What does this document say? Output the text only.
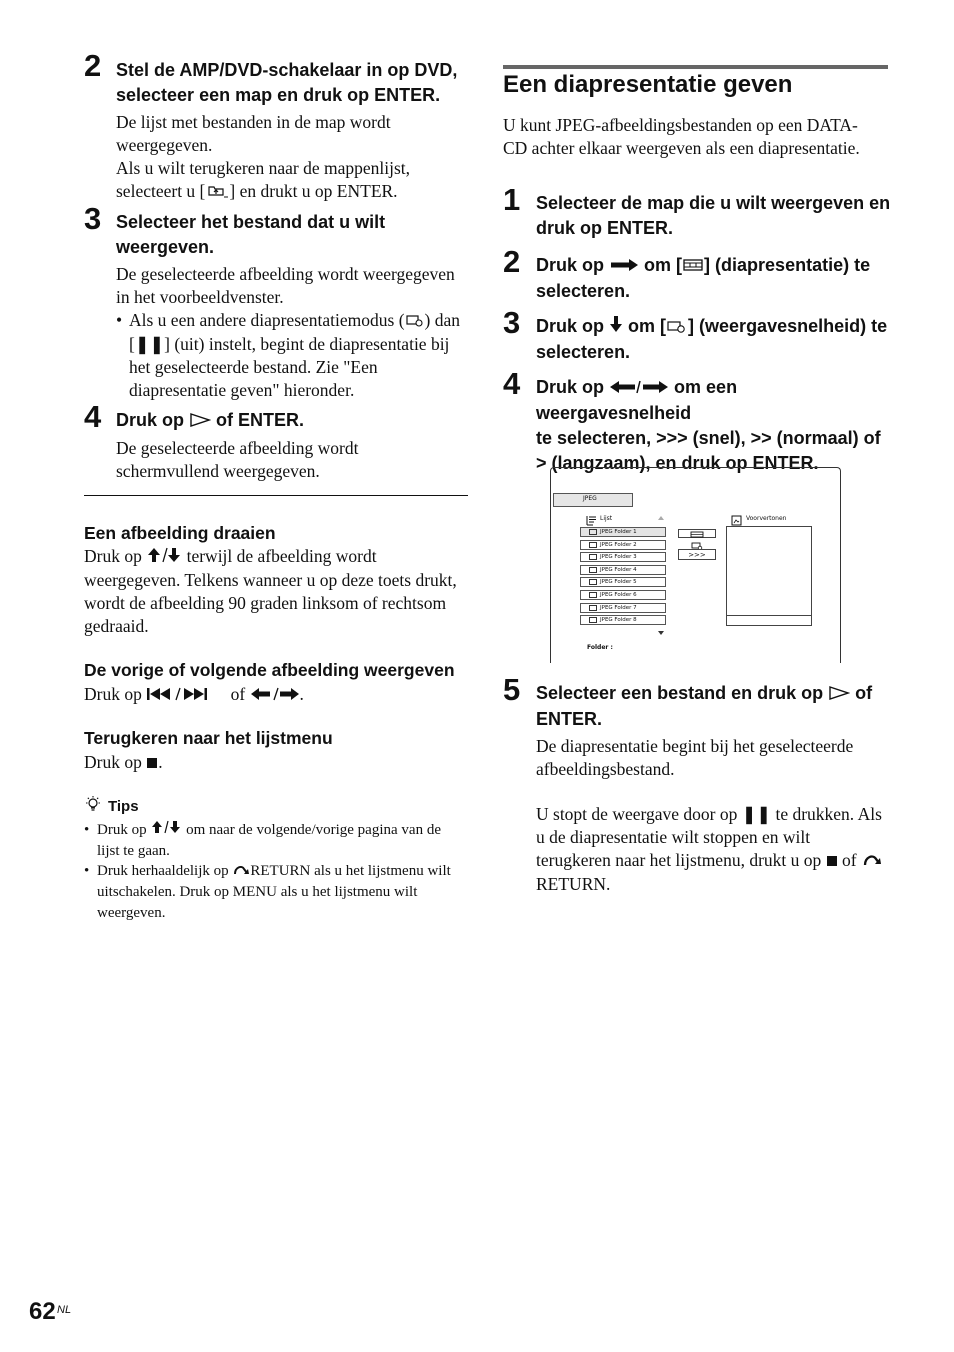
2 Stel de AMP/DVD-schakelaar in op DVD,
selecteer een map en druk op ENTER.
De lijst met bestanden in de map wordt weergegeven.
Als u wilt terugkeren naar de mappenlijst, selecteert u [ ] en drukt u op ENTER.
3 Selecteer het bestand dat u wilt
weergeven.
De geselecteerde afbeelding wordt weergegeven in het voorbeeldvenster.
• Als u een andere diapresentatiemodus ( ) dan [❚❚] (uit) instelt, begint de diapresentatie bij het geselecteerde bestand. Zie "Een diapresentatie geven" hieronder.
4 Druk op of ENTER.
De geselecteerde afbeelding wordt schermvullend weergegeven.
Een afbeelding draaien
Druk op	terwijl de afbeelding wordt weergegeven. Telkens wanneer u op deze toets drukt, wordt de afbeelding 90 graden linksom of rechtsom gedraaid.
De vorige of volgende afbeelding weergeven
Druk op	of	.
Terugkeren naar het lijstmenu
Druk op .
Tips
• Druk op	om naar de volgende/vorige pagina van de lijst te gaan.
• Druk herhaaldelijk op RETURN als u het lijstmenu wilt uitschakelen. Druk op MENU als u het lijstmenu wilt weergeven.
Een diapresentatie geven
U kunt JPEG-afbeeldingsbestanden op een DATA-CD achter elkaar weergeven als een diapresentatie.
1 Selecteer de map die u wilt weergeven en
druk op ENTER.
2 Druk op om [ ] (diapresentatie) te
selecteren.
3 Druk op om [ ] (weergavesnelheid) te
selecteren.
4 Druk op	om een weergavesnelheid
te selecteren, >>> (snel), >> (normaal) of
> (langzaam), en druk op ENTER.
JPEG
Lijst
JPEG Folder 1
JPEG Folder 2
JPEG Folder 3
JPEG Folder 4
JPEG Folder 5
JPEG Folder 6
JPEG Folder 7
JPEG Folder 8
Folder :
>>>
Voorvertonen
5 Selecteer een bestand en druk op of
ENTER.
De diapresentatie begint bij het geselecteerde afbeeldingsbestand.
U stopt de weergave door op ❚❚ te drukken. Als u de diapresentatie wilt stoppen en wilt terugkeren naar het lijstmenu, drukt u op of  RETURN.
62 NL
